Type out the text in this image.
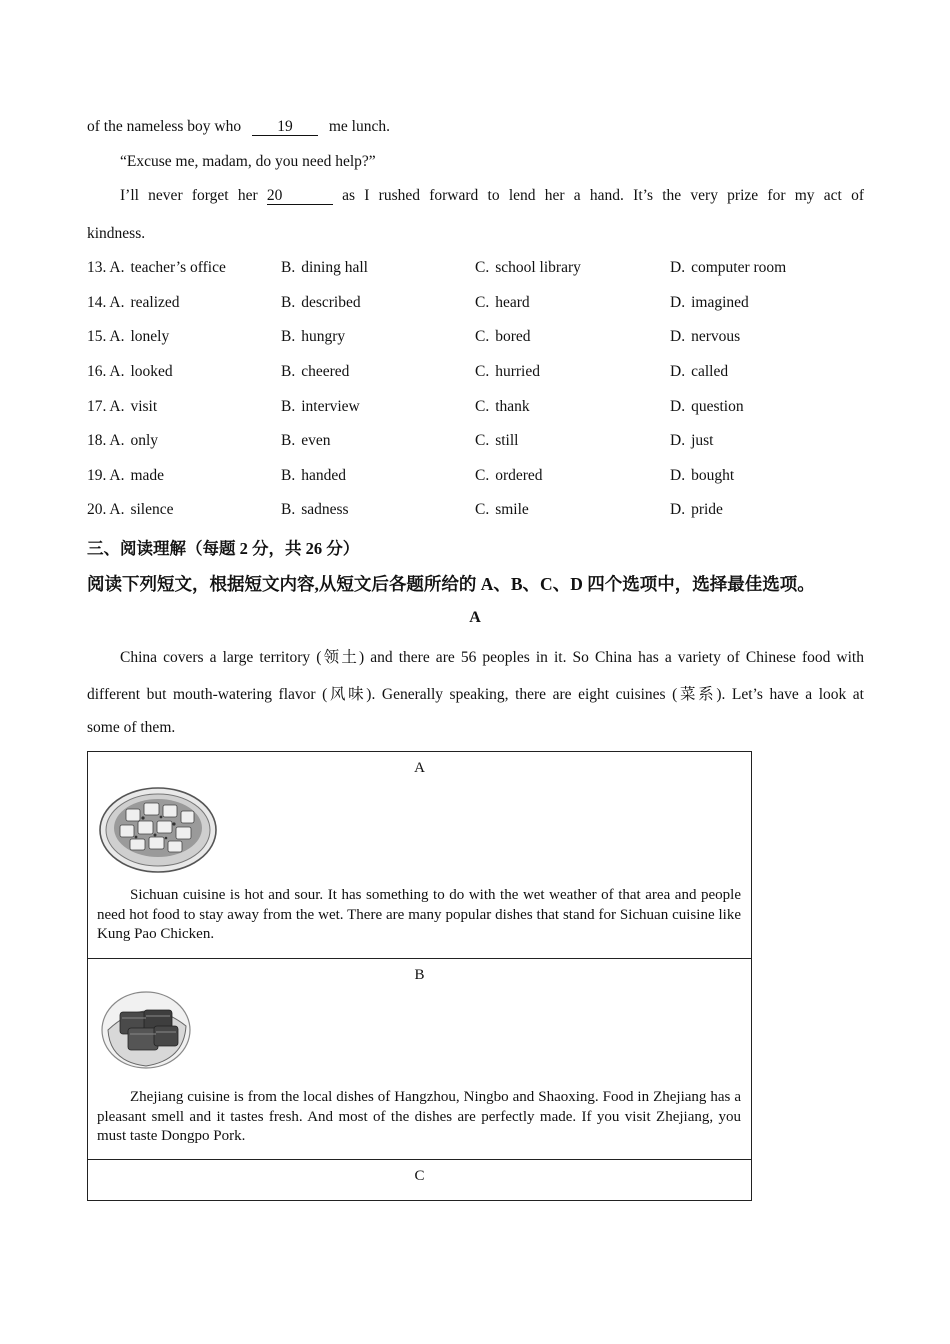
of the nameless boy who 19 me lunch.
“Excuse me, madam, do you need help?”
I’ll never forget her 20	as I rushed forward to lend her a hand. It’s the very prize for my act of
kindness.
13. A. teacher’s office	B. dining hall	C. school library	D. computer room
14. A. realized	B. described	C. heard	D. imagined
15. A. lonely	B. hungry	C. bored	D. nervous
16. A. looked	B. cheered	C. hurried	D. called
17. A. visit	B. interview	C. thank	D. question
18. A. only	B. even	C. still	D. just
19. A. made	B. handed	C. ordered	D. bought
20. A. silence	B. sadness	C. smile	D. pride
三、阅读理解（每题 2 分，共 26 分）
阅读下列短文，根据短文内容,从短文后各题所给的 A、B、C、D 四个选项中，选择最佳选项。
A
China covers a large territory (领土) and there are 56 peoples in it. So China has a variety of Chinese food with
different but mouth-watering flavor (风味). Generally speaking, there are eight cuisines (菜系). Let’s have a look at
some of them.
A
Sichuan cuisine is hot and sour. It has something to do with the wet weather of that area and people need hot food to stay away from the wet. There are many popular dishes that stand for Sichuan cuisine like Kung Pao Chicken.

B
Zhejiang cuisine is from the local dishes of Hangzhou, Ningbo and Shaoxing. Food in Zhejiang has a pleasant smell and it tastes fresh. And most of the dishes are perfectly made. If you visit Zhejiang, you must taste Dongpo Pork.

C
